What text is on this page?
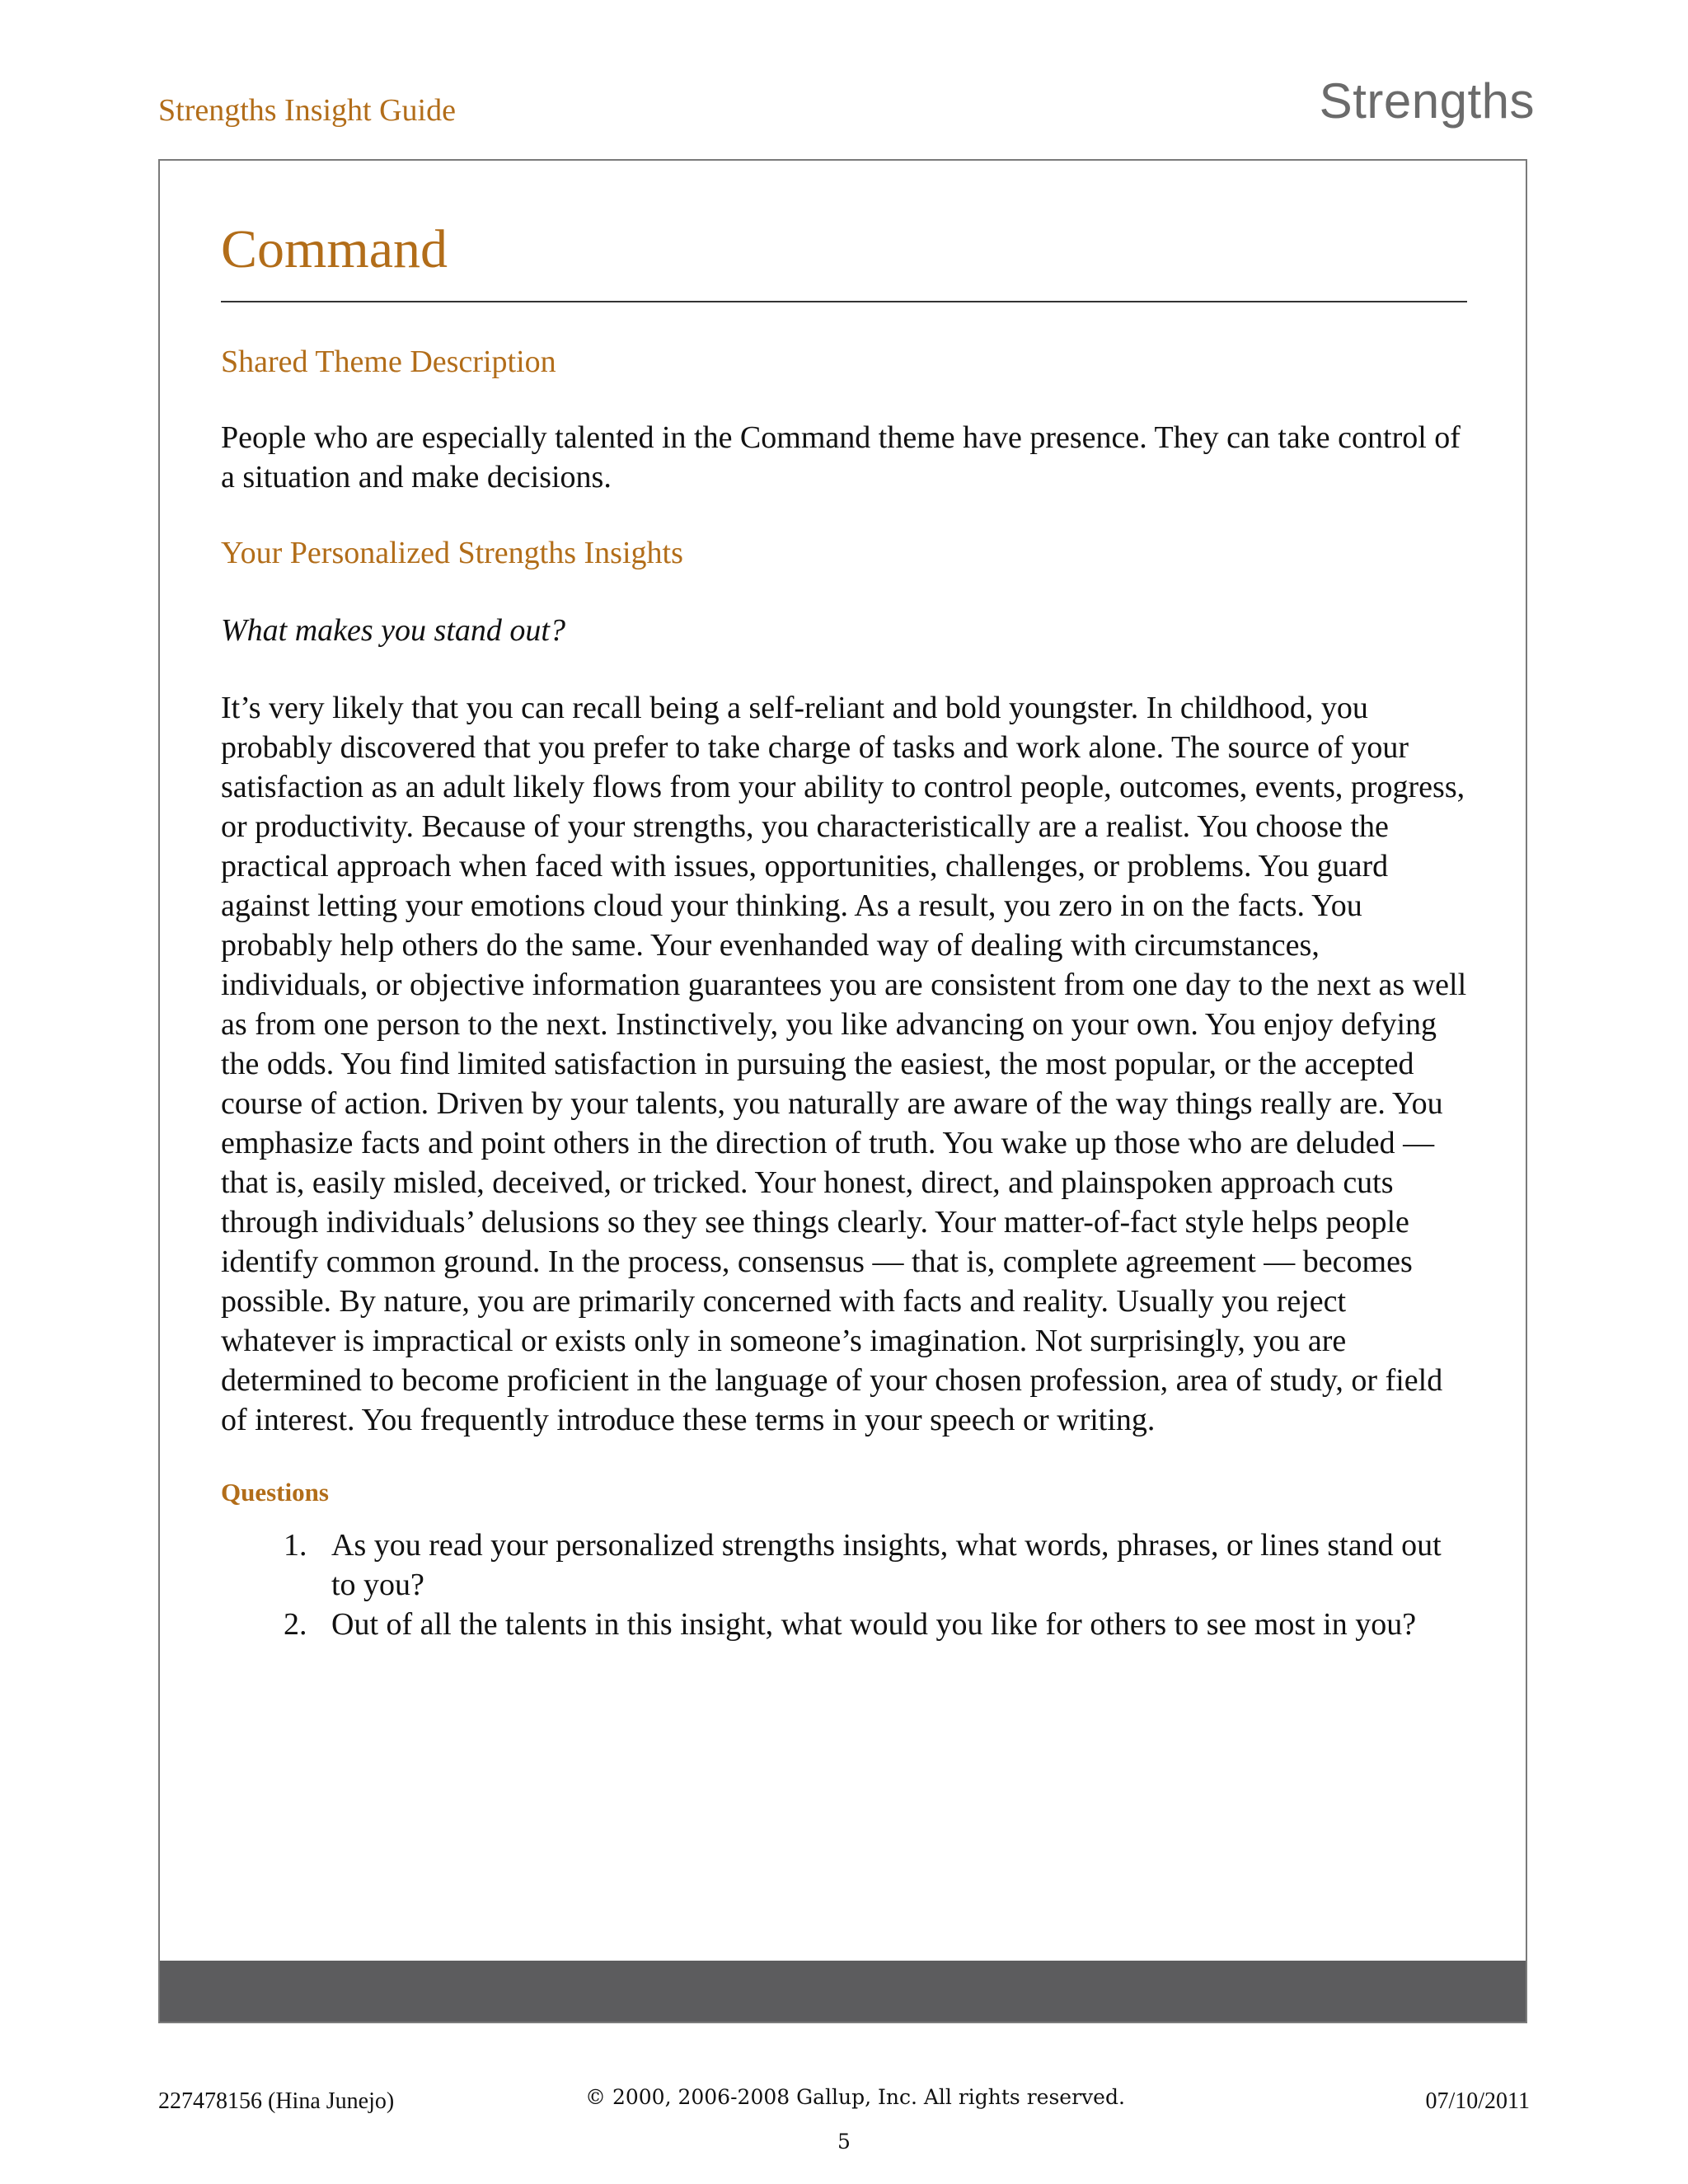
Strengths Insight Guide	Strengths
Command

Shared Theme Description

People who are especially talented in the Command theme have presence. They can take control of a situation and make decisions.

Your Personalized Strengths Insights

What makes you stand out?

It’s very likely that you can recall being a self-reliant and bold youngster. In childhood, you probably discovered that you prefer to take charge of tasks and work alone. The source of your satisfaction as an adult likely flows from your ability to control people, outcomes, events, progress, or productivity. Because of your strengths, you characteristically are a realist. You choose the practical approach when faced with issues, opportunities, challenges, or problems. You guard against letting your emotions cloud your thinking. As a result, you zero in on the facts. You probably help others do the same. Your evenhanded way of dealing with circumstances, individuals, or objective information guarantees you are consistent from one day to the next as well as from one person to the next. Instinctively, you like advancing on your own. You enjoy defying the odds. You find limited satisfaction in pursuing the easiest, the most popular, or the accepted course of action. Driven by your talents, you naturally are aware of the way things really are. You emphasize facts and point others in the direction of truth. You wake up those who are deluded — that is, easily misled, deceived, or tricked. Your honest, direct, and plainspoken approach cuts through individuals’ delusions so they see things clearly. Your matter-of-fact style helps people identify common ground. In the process, consensus — that is, complete agreement — becomes possible. By nature, you are primarily concerned with facts and reality. Usually you reject whatever is impractical or exists only in someone’s imagination. Not surprisingly, you are determined to become proficient in the language of your chosen profession, area of study, or field of interest. You frequently introduce these terms in your speech or writing.

Questions

1. As you read your personalized strengths insights, what words, phrases, or lines stand out to you?
2. Out of all the talents in this insight, what would you like for others to see most in you?
227478156 (Hina Junejo)	© 2000, 2006-2008 Gallup, Inc. All rights reserved.	07/10/2011
5
